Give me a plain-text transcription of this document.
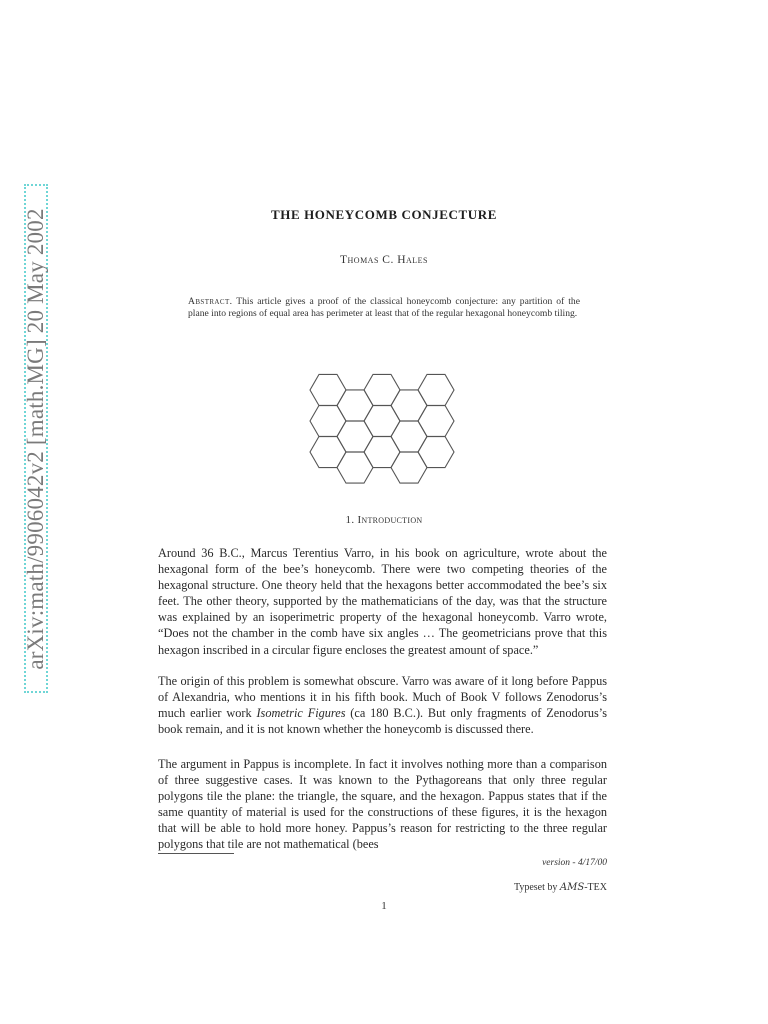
arXiv:math/9906042v2 [math.MG] 20 May 2002	THE HONEYCOMB CONJECTURE
Thomas C. Hales
Abstract. This article gives a proof of the classical honeycomb conjecture: any partition of the plane into regions of equal area has perimeter at least that of the regular hexagonal honeycomb tiling.
1. Introduction
Around 36 B.C., Marcus Terentius Varro, in his book on agriculture, wrote about the hexagonal form of the bee’s honeycomb. There were two competing theories of the hexagonal structure. One theory held that the hexagons better accommodated the bee’s six feet. The other theory, supported by the mathematicians of the day, was that the structure was explained by an isoperimetric property of the hexagonal honeycomb. Varro wrote, “Does not the chamber in the comb have six angles … The geometricians prove that this hexagon inscribed in a circular figure encloses the greatest amount of space.”
The origin of this problem is somewhat obscure. Varro was aware of it long before Pappus of Alexandria, who mentions it in his fifth book. Much of Book V follows Zenodorus’s much earlier work Isometric Figures (ca 180 B.C.). But only fragments of Zenodorus’s book remain, and it is not known whether the honeycomb is discussed there.
The argument in Pappus is incomplete. In fact it involves nothing more than a comparison of three suggestive cases. It was known to the Pythagoreans that only three regular polygons tile the plane: the triangle, the square, and the hexagon. Pappus states that if the same quantity of material is used for the constructions of these figures, it is the hexagon that will be able to hold more honey. Pappus’s reason for restricting to the three regular polygons that tile are not mathematical (bees
version - 4/17/00
Typeset by AMS-TEX
1
